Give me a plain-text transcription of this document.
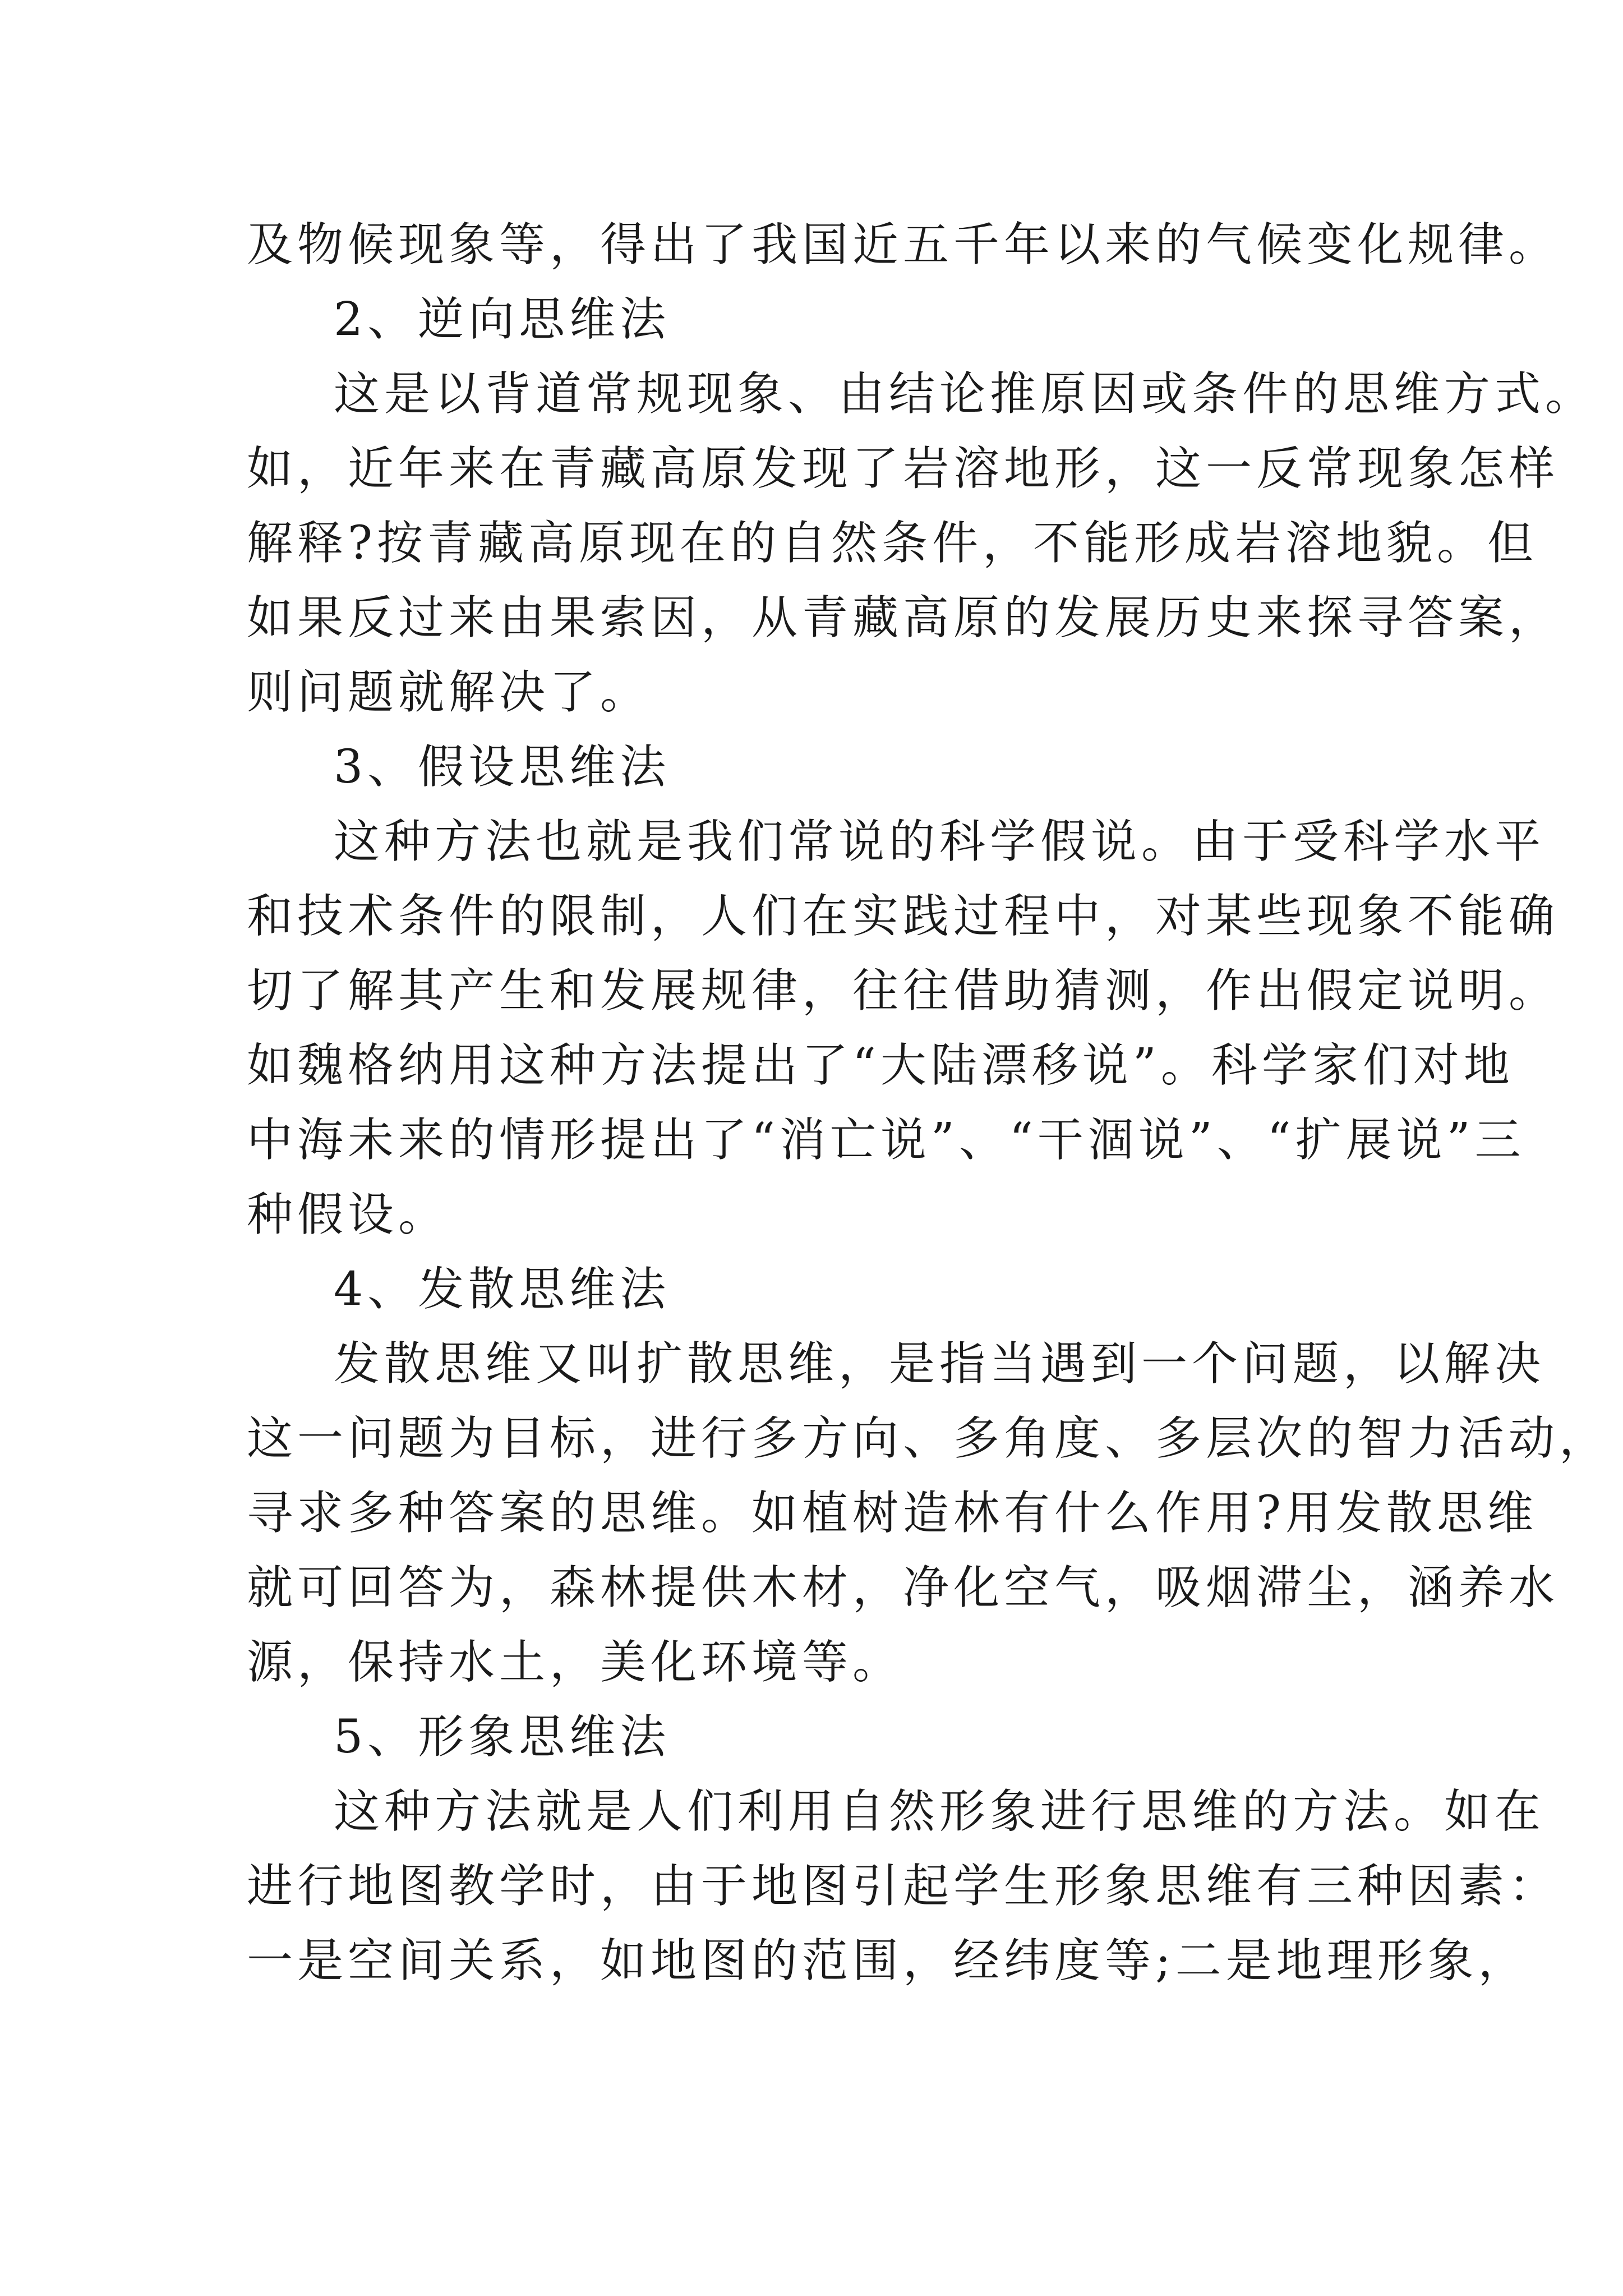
及物候现象等，得出了我国近五千年以来的气候变化规律。
2、逆向思维法
这是以背道常规现象、由结论推原因或条件的思维方式。
如，近年来在青藏高原发现了岩溶地形，这一反常现象怎样
解释?按青藏高原现在的自然条件，不能形成岩溶地貌。但
如果反过来由果索因，从青藏高原的发展历史来探寻答案，
则问题就解决了。
3、假设思维法
这种方法也就是我们常说的科学假说。由于受科学水平
和技术条件的限制，人们在实践过程中，对某些现象不能确
切了解其产生和发展规律，往往借助猜测，作出假定说明。
如魏格纳用这种方法提出了“大陆漂移说”。科学家们对地
中海未来的情形提出了“消亡说”、“干涸说”、“扩展说”三
种假设。
4、发散思维法
发散思维又叫扩散思维，是指当遇到一个问题，以解决
这一问题为目标，进行多方向、多角度、多层次的智力活动，
寻求多种答案的思维。如植树造林有什么作用?用发散思维
就可回答为，森林提供木材，净化空气，吸烟滞尘，涵养水
源，保持水土，美化环境等。
5、形象思维法
这种方法就是人们利用自然形象进行思维的方法。如在
进行地图教学时，由于地图引起学生形象思维有三种因素：
一是空间关系，如地图的范围，经纬度等;二是地理形象，
